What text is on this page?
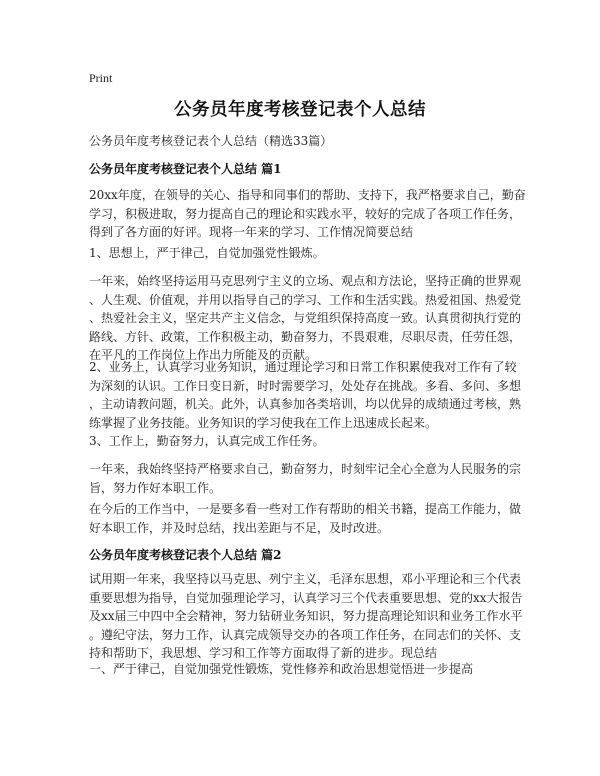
Print
公务员年度考核登记表个人总结
公务员年度考核登记表个人总结（精选33篇）
公务员年度考核登记表个人总结 篇1
20xx年度，在领导的关心、指导和同事们的帮助、支持下，我严格要求自己，勤奋
学习，积极进取，努力提高自己的理论和实践水平，较好的完成了各项工作任务，
得到了各方面的好评。现将一年来的学习、工作情况简要总结
1、思想上，严于律己，自觉加强党性锻炼。
一年来，始终坚持运用马克思列宁主义的立场、观点和方法论，坚持正确的世界观
、人生观、价值观，并用以指导自己的学习、工作和生活实践。热爱祖国、热爱党
、热爱社会主义，坚定共产主义信念，与党组织保持高度一致。认真贯彻执行党的
路线、方针、政策，工作积极主动，勤奋努力，不畏艰难，尽职尽责，任劳任怨，
在平凡的工作岗位上作出力所能及的贡献。
2、业务上，认真学习业务知识，通过理论学习和日常工作积累使我对工作有了较
为深刻的认识。工作日变日新，时时需要学习，处处存在挑战。多看、多问、多想
，主动请教问题，机关。此外，认真参加各类培训，均以优异的成绩通过考核，熟
练掌握了业务技能。业务知识的学习使我在工作上迅速成长起来。
3、工作上，勤奋努力，认真完成工作任务。
一年来，我始终坚持严格要求自己，勤奋努力，时刻牢记全心全意为人民服务的宗
旨，努力作好本职工作。
在今后的工作当中，一是要多看一些对工作有帮助的相关书籍，提高工作能力，做
好本职工作，并及时总结，找出差距与不足，及时改进。
公务员年度考核登记表个人总结 篇2
试用期一年来，我坚持以马克思、列宁主义，毛泽东思想，邓小平理论和三个代表
重要思想为指导，自觉加强理论学习，认真学习三个代表重要思想、党的xx大报告
及xx届三中四中全会精神，努力钻研业务知识，努力提高理论知识和业务工作水平
。遵纪守法，努力工作，认真完成领导交办的各项工作任务，在同志们的关怀、支
持和帮助下，我思想、学习和工作等方面取得了新的进步。现总结
一、严于律己，自觉加强党性锻炼，党性修养和政治思想觉悟进一步提高
